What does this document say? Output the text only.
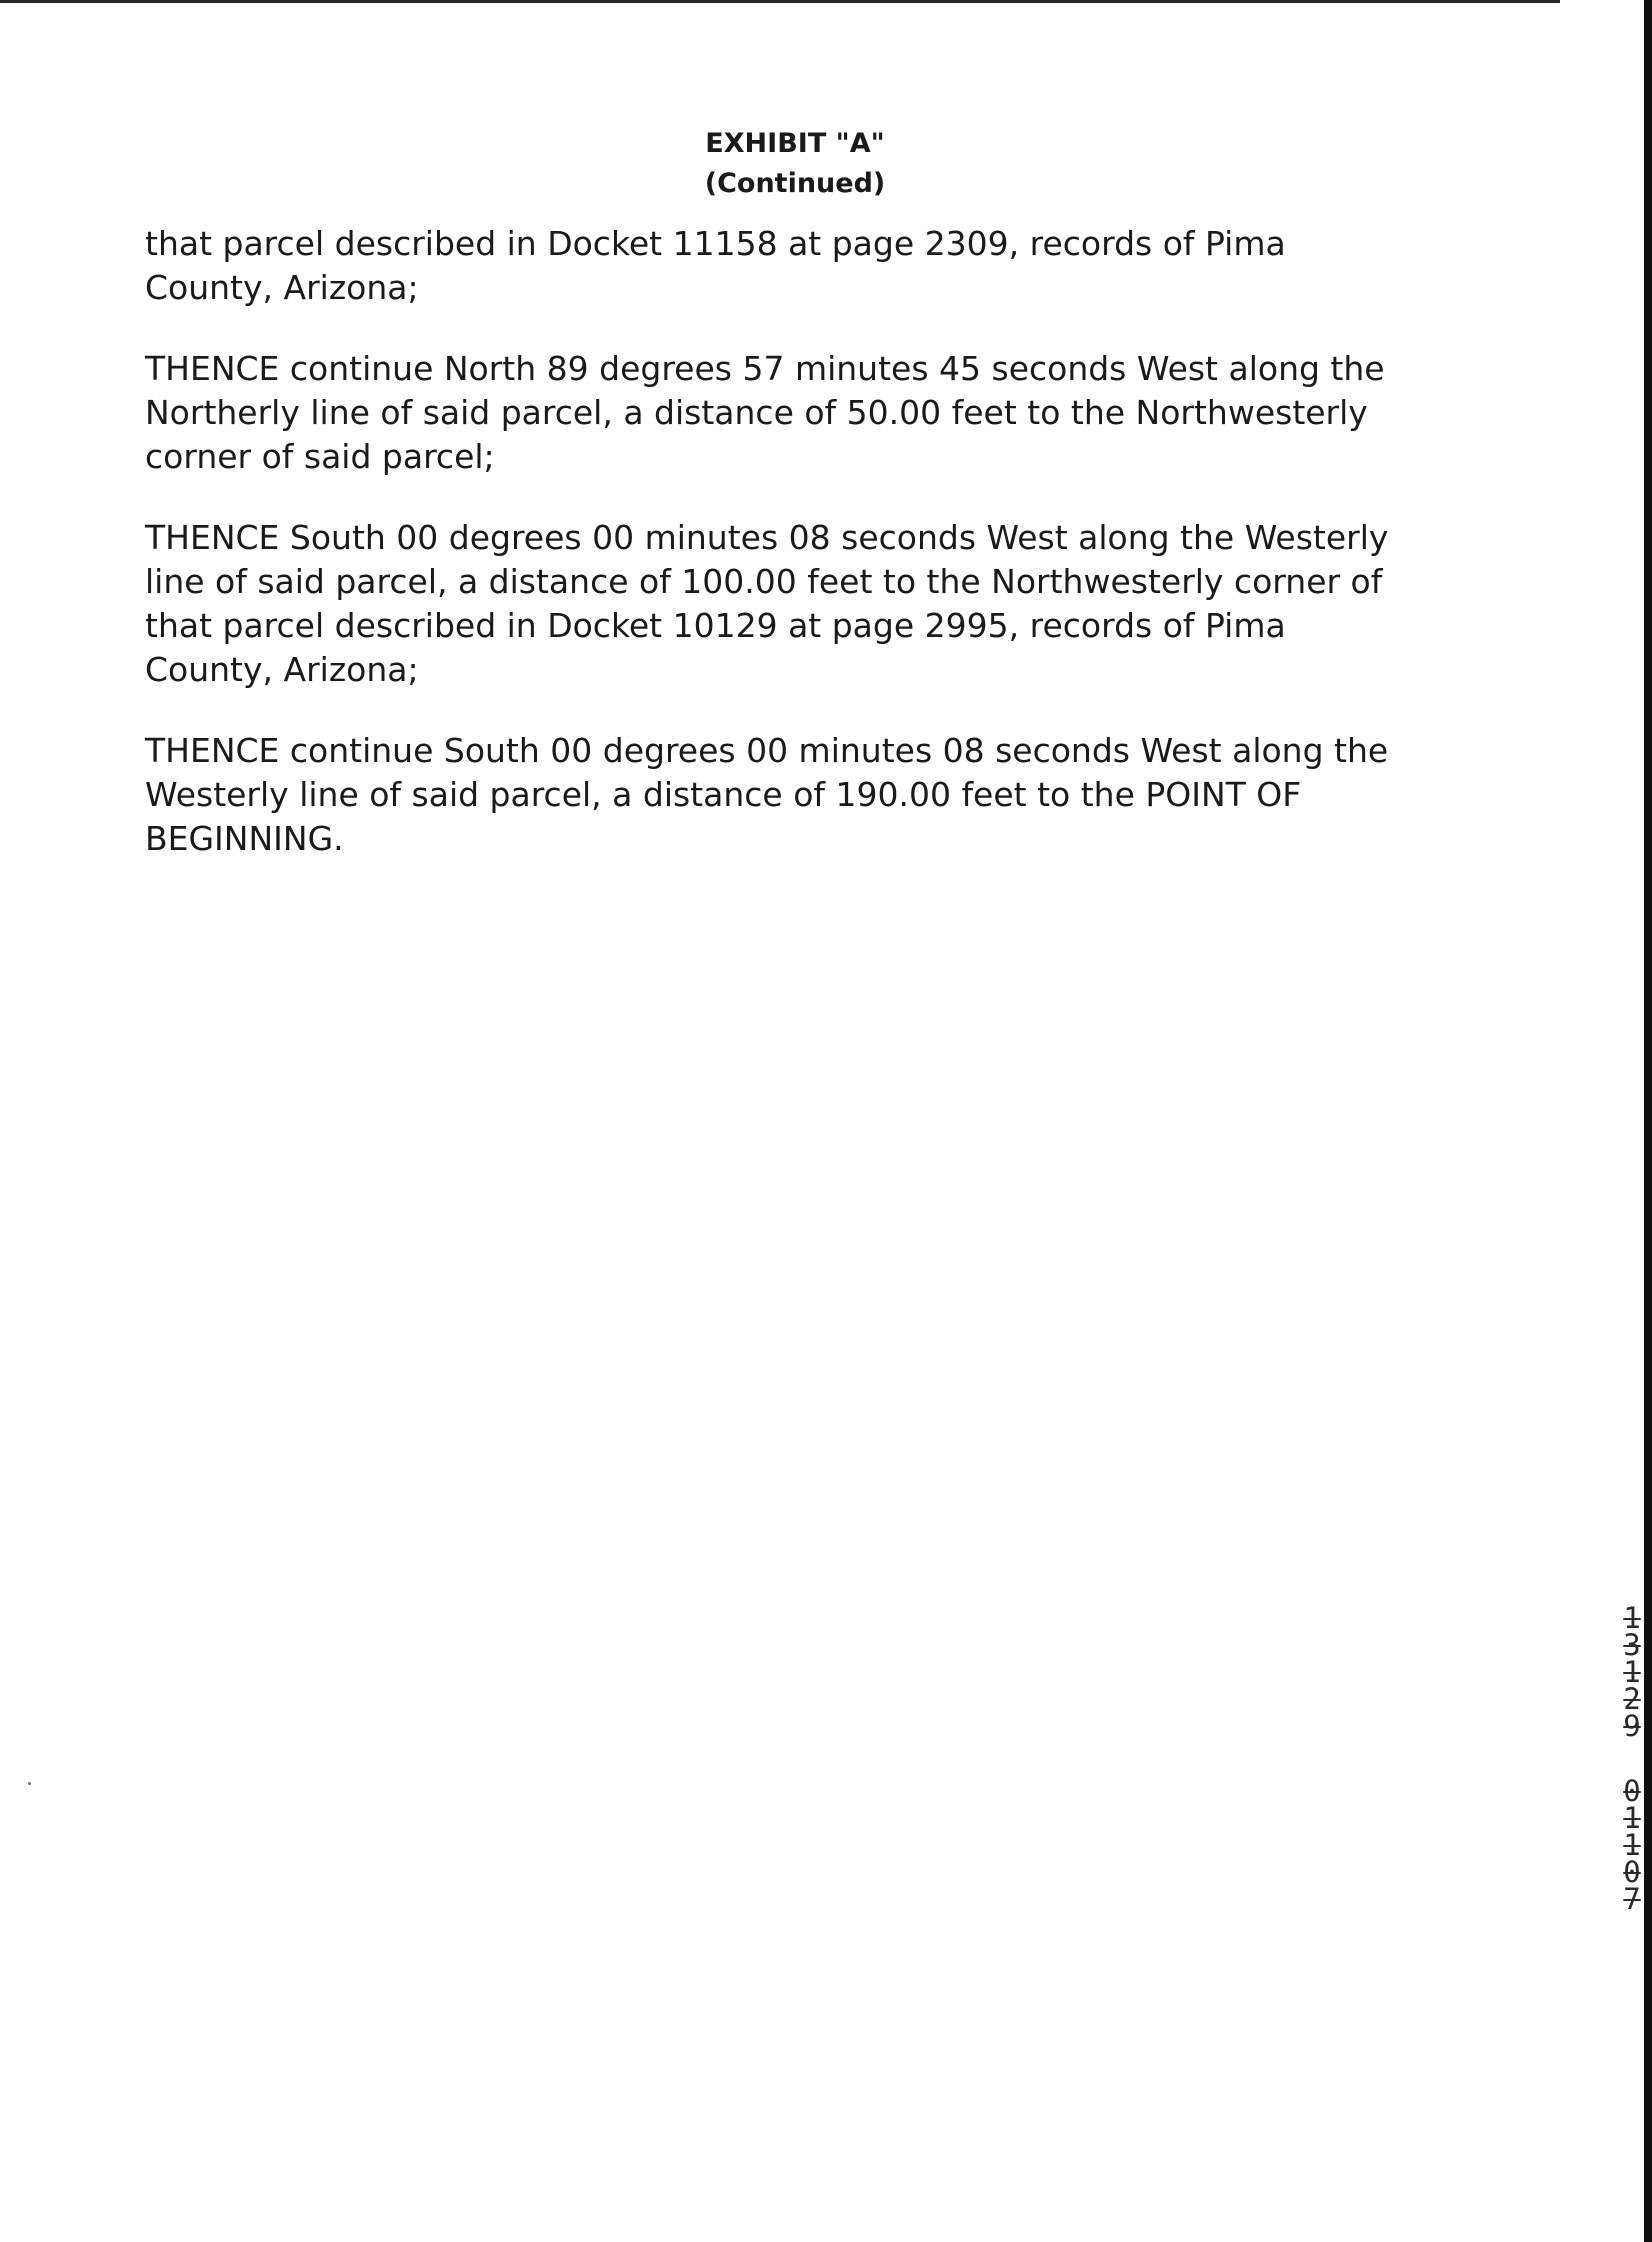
EXHIBIT "A"
(Continued)

that parcel described in Docket 11158 at page 2309, records of Pima County, Arizona;

THENCE continue North 89 degrees 57 minutes 45 seconds West along the Northerly line of said parcel, a distance of 50.00 feet to the Northwesterly corner of said parcel;

THENCE South 00 degrees 00 minutes 08 seconds West along the Westerly line of said parcel, a distance of 100.00 feet to the Northwesterly corner of that parcel described in Docket 10129 at page 2995, records of Pima County, Arizona;

THENCE continue South 00 degrees 00 minutes 08 seconds West along the Westerly line of said parcel, a distance of 190.00 feet to the POINT OF BEGINNING.

1
3
1
2
9
0
1
1
0
7
